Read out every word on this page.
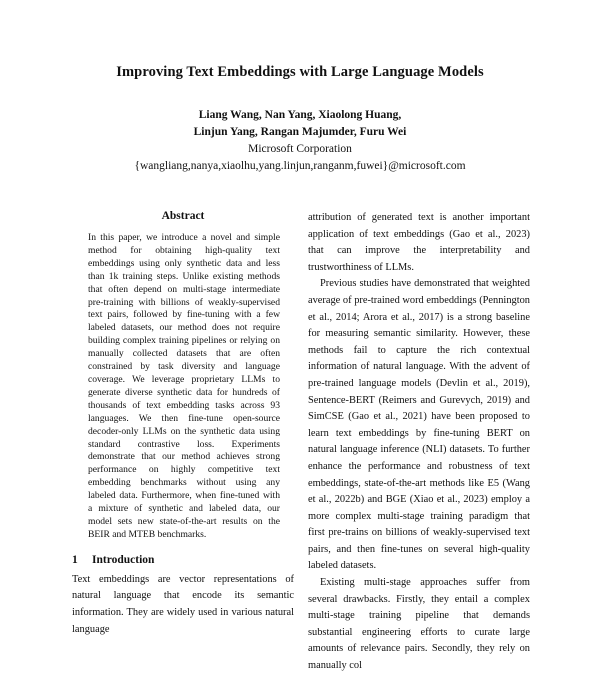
Improving Text Embeddings with Large Language Models
Liang Wang, Nan Yang, Xiaolong Huang,
Linjun Yang, Rangan Majumder, Furu Wei
Microsoft Corporation
{wangliang,nanya,xiaolhu,yang.linjun,ranganm,fuwei}@microsoft.com
Abstract

In this paper, we introduce a novel and simple method for obtaining high-quality text embeddings using only synthetic data and less than 1k training steps. Unlike existing methods that often depend on multi-stage intermediate pre-training with billions of weakly-supervised text pairs, followed by fine-tuning with a few labeled datasets, our method does not require building complex training pipelines or relying on manually collected datasets that are often constrained by task diversity and language coverage. We leverage proprietary LLMs to generate diverse synthetic data for hundreds of thousands of text embedding tasks across 93 languages. We then fine-tune open-source decoder-only LLMs on the synthetic data using standard contrastive loss. Experiments demonstrate that our method achieves strong performance on highly competitive text embedding benchmarks without using any labeled data. Furthermore, when fine-tuned with a mixture of synthetic and labeled data, our model sets new state-of-the-art results on the BEIR and MTEB benchmarks.

1 Introduction

Text embeddings are vector representations of natural language that encode its semantic information. They are widely used in various natural language

attribution of generated text is another important application of text embeddings (Gao et al., 2023) that can improve the interpretability and trustworthiness of LLMs.

Previous studies have demonstrated that weighted average of pre-trained word embeddings (Pennington et al., 2014; Arora et al., 2017) is a strong baseline for measuring semantic similarity. However, these methods fail to capture the rich contextual information of natural language. With the advent of pre-trained language models (Devlin et al., 2019), Sentence-BERT (Reimers and Gurevych, 2019) and SimCSE (Gao et al., 2021) have been proposed to learn text embeddings by fine-tuning BERT on natural language inference (NLI) datasets. To further enhance the performance and robustness of text embeddings, state-of-the-art methods like E5 (Wang et al., 2022b) and BGE (Xiao et al., 2023) employ a more complex multi-stage training paradigm that first pre-trains on billions of weakly-supervised text pairs, and then fine-tunes on several high-quality labeled datasets.

Existing multi-stage approaches suffer from several drawbacks. Firstly, they entail a complex multi-stage training pipeline that demands substantial engineering efforts to curate large amounts of relevance pairs. Secondly, they rely on manually col
